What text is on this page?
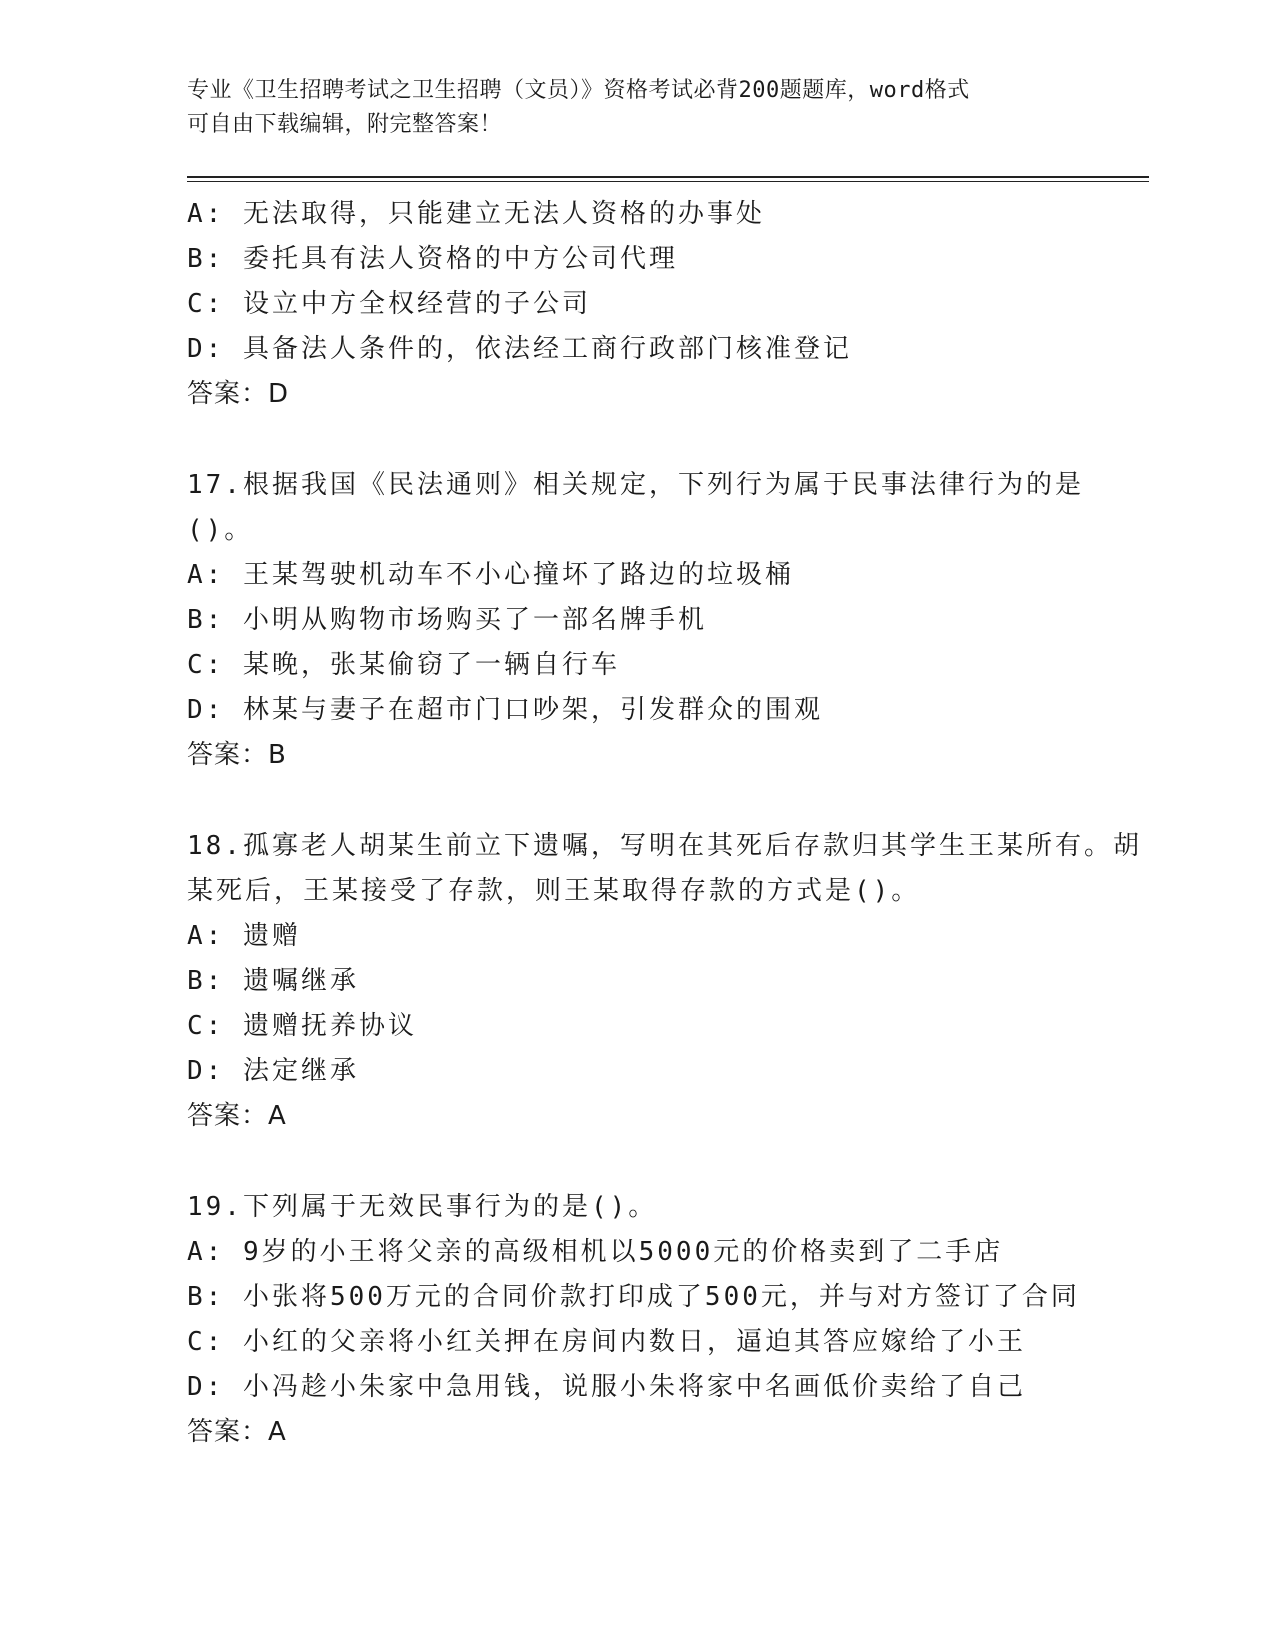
专业《卫生招聘考试之卫生招聘（文员）》资格考试必背200题题库，word格式
可自由下载编辑，附完整答案！
A: 无法取得，只能建立无法人资格的办事处
B: 委托具有法人资格的中方公司代理
C: 设立中方全权经营的子公司
D: 具备法人条件的，依法经工商行政部门核准登记
答案：D
17.根据我国《民法通则》相关规定，下列行为属于民事法律行为的是()。
A: 王某驾驶机动车不小心撞坏了路边的垃圾桶
B: 小明从购物市场购买了一部名牌手机
C: 某晚，张某偷窃了一辆自行车
D: 林某与妻子在超市门口吵架，引发群众的围观
答案：B
18.孤寡老人胡某生前立下遗嘱，写明在其死后存款归其学生王某所有。胡某死后，王某接受了存款，则王某取得存款的方式是()。
A: 遗赠
B: 遗嘱继承
C: 遗赠抚养协议
D: 法定继承
答案：A
19.下列属于无效民事行为的是()。
A: 9岁的小王将父亲的高级相机以5000元的价格卖到了二手店
B: 小张将500万元的合同价款打印成了500元，并与对方签订了合同
C: 小红的父亲将小红关押在房间内数日，逼迫其答应嫁给了小王
D: 小冯趁小朱家中急用钱，说服小朱将家中名画低价卖给了自己
答案：A
